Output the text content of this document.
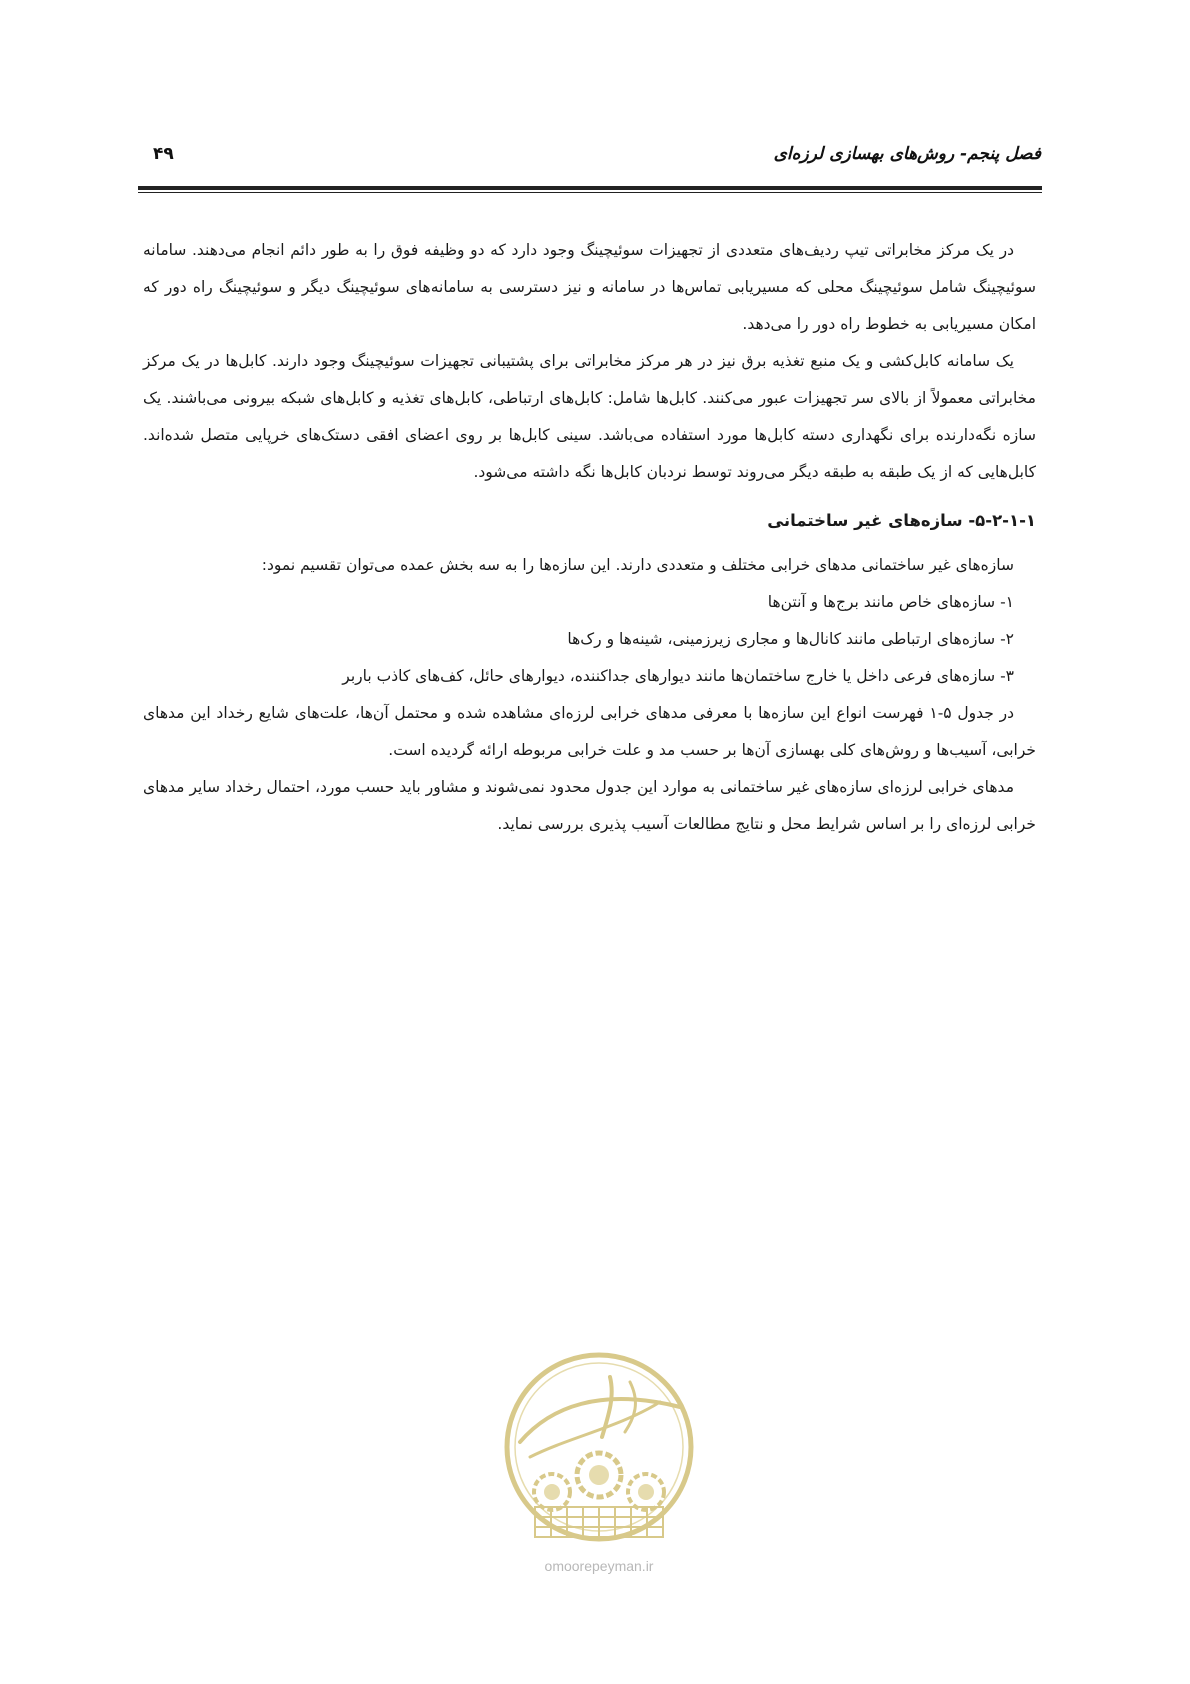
فصل پنجم- روش‌های بهسازی لرزه‌ای
۴۹

در یک مرکز مخابراتی تیپ ردیف‌های متعددی از تجهیزات سوئیچینگ وجود دارد که دو وظیفه فوق را به طور دائم انجام می‌دهند. سامانه سوئیچینگ شامل سوئیچینگ محلی که مسیریابی تماس‌ها در سامانه و نیز دسترسی به سامانه‌های سوئیچینگ دیگر و سوئیچینگ راه دور که امکان مسیریابی به خطوط راه دور را می‌دهد.

یک سامانه کابل‌کشی و یک منبع تغذیه برق نیز در هر مرکز مخابراتی برای پشتیبانی تجهیزات سوئیچینگ وجود دارند. کابل‌ها در یک مرکز مخابراتی معمولاً از بالای سر تجهیزات عبور می‌کنند. کابل‌ها شامل: کابل‌های ارتباطی، کابل‌های تغذیه و کابل‌های شبکه بیرونی می‌باشند. یک سازه نگه‌دارنده برای نگهداری دسته کابل‌ها مورد استفاده می‌باشد. سینی کابل‌ها بر روی اعضای افقی دستک‌های خرپایی متصل شده‌اند. کابل‌هایی که از یک طبقه به طبقه دیگر می‌روند توسط نردبان کابل‌ها نگه داشته می‌شود.

۵-۲-۱-۱- سازه‌های غیر ساختمانی

سازه‌های غیر ساختمانی مدهای خرابی مختلف و متعددی دارند. این سازه‌ها را به سه بخش عمده می‌توان تقسیم نمود:

۱- سازه‌های خاص مانند برج‌ها و آنتن‌ها

۲- سازه‌های ارتباطی مانند کانال‌ها و مجاری زیرزمینی، شینه‌ها و رک‌ها

۳- سازه‌های فرعی داخل یا خارج ساختمان‌ها مانند دیوارهای جداکننده، دیوارهای حائل، کف‌های کاذب باربر

در جدول ۵-۱ فهرست انواع این سازه‌ها با معرفی مدهای خرابی لرزه‌ای مشاهده شده و محتمل آن‌ها، علت‌های شایع رخداد این مدهای خرابی، آسیب‌ها و روش‌های کلی بهسازی آن‌ها بر حسب مد و علت خرابی مربوطه ارائه گردیده است.

مدهای خرابی لرزه‌ای سازه‌های غیر ساختمانی به موارد این جدول محدود نمی‌شوند و مشاور باید حسب مورد، احتمال رخداد سایر مدهای خرابی لرزه‌ای را بر اساس شرایط محل و نتایج مطالعات آسیب پذیری بررسی نماید.

omoorepeyman.ir
